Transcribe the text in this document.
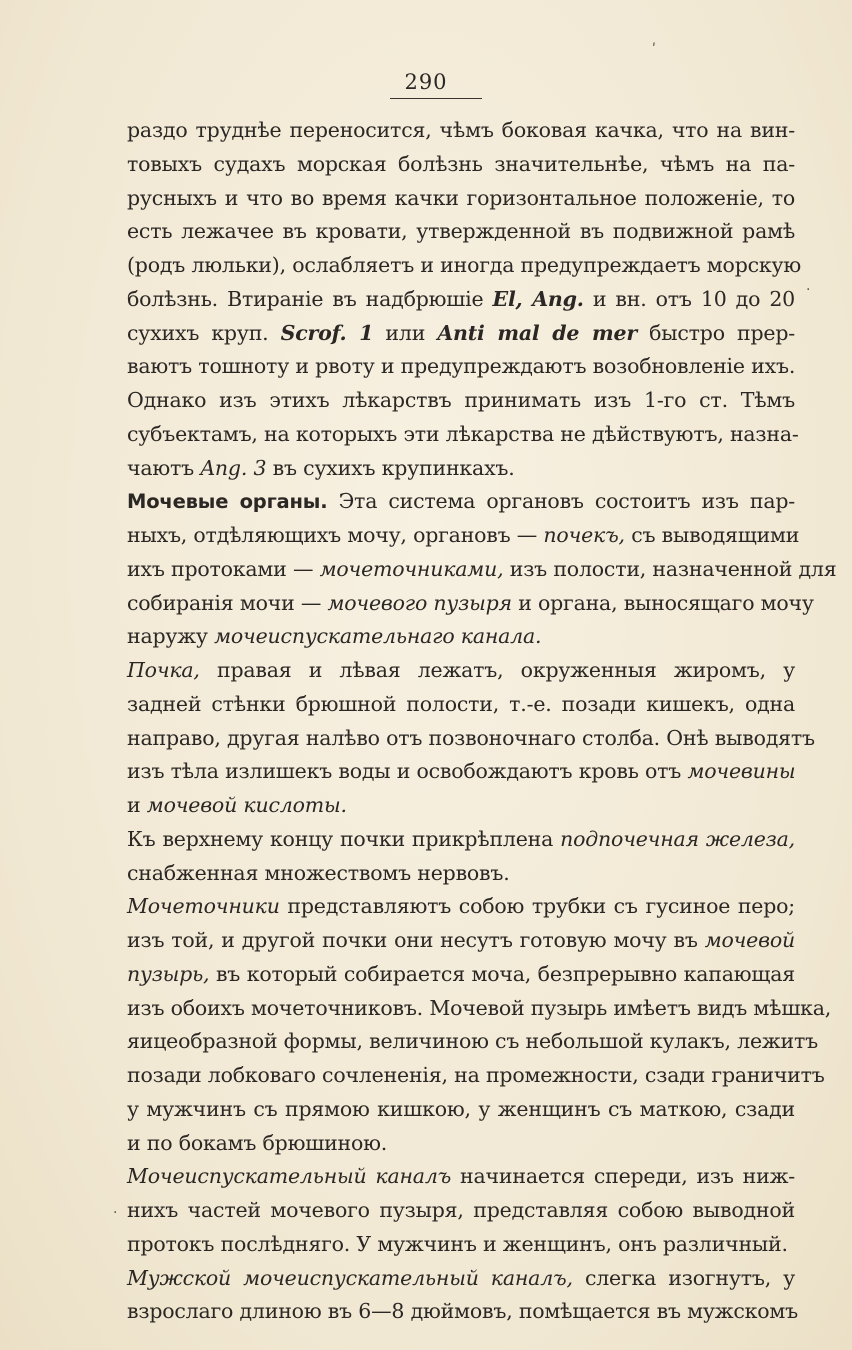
290
раздо труднѣе переносится, чѣмъ боковая качка, что на вин-
товыхъ судахъ морская болѣзнь значительнѣе, чѣмъ на па-
русныхъ и что во время качки горизонтальное положенiе, то
есть лежачее въ кровати, утвержденной въ подвижной рамѣ
(родъ люльки), ослабляетъ и иногда предупреждаетъ морскую
болѣзнь. Втиранiе въ надбрюшiе El, Ang. и вн. отъ 10 до 20
сухихъ круп. Scrof. 1 или Anti mal de mer быстро прер-
ваютъ тошноту и рвоту и предупреждаютъ возобновленiе ихъ.
Однако изъ этихъ лѣкарствъ принимать изъ 1-го ст. Тѣмъ
субъектамъ, на которыхъ эти лѣкарства не дѣйствуютъ, назна-
чаютъ Ang. 3 въ сухихъ крупинкахъ.
Мочевые органы. Эта система органовъ состоитъ изъ пар-
ныхъ, отдѣляющихъ мочу, органовъ — почекъ, съ выводящими
ихъ протоками — мочеточниками, изъ полости, назначенной для
собиранiя мочи — мочевого пузыря и органа, выносящаго мочу
наружу мочеиспускательнаго канала.
Почка, правая и лѣвая лежатъ, окруженныя жиромъ, у
задней стѣнки брюшной полости, т.-е. позади кишекъ, одна
направо, другая налѣво отъ позвоночнаго столба. Онѣ выводятъ
изъ тѣла излишекъ воды и освобождаютъ кровь отъ мочевины
и мочевой кислоты.
Къ верхнему концу почки прикрѣплена подпочечная железа,
снабженная множествомъ нервовъ.
Мочеточники представляютъ собою трубки съ гусиное перо;
изъ той, и другой почки они несутъ готовую мочу въ мочевой
пузырь, въ который собирается моча, безпрерывно капающая
изъ обоихъ мочеточниковъ. Мочевой пузырь имѣетъ видъ мѣшка,
яицеобразной формы, величиною съ небольшой кулакъ, лежитъ
позади лобковаго сочлененiя, на промежности, сзади граничитъ
у мужчинъ съ прямою кишкою, у женщинъ съ маткою, сзади
и по бокамъ брюшиною.
Мочеиспускательный каналъ начинается спереди, изъ ниж-
нихъ частей мочевого пузыря, представляя собою выводной
протокъ послѣдняго. У мужчинъ и женщинъ, онъ различный.
Мужской мочеиспускательный каналъ, слегка изогнутъ, у
взрослаго длиною въ 6—8 дюймовъ, помѣщается въ мужскомъ
·
ʹ
·
